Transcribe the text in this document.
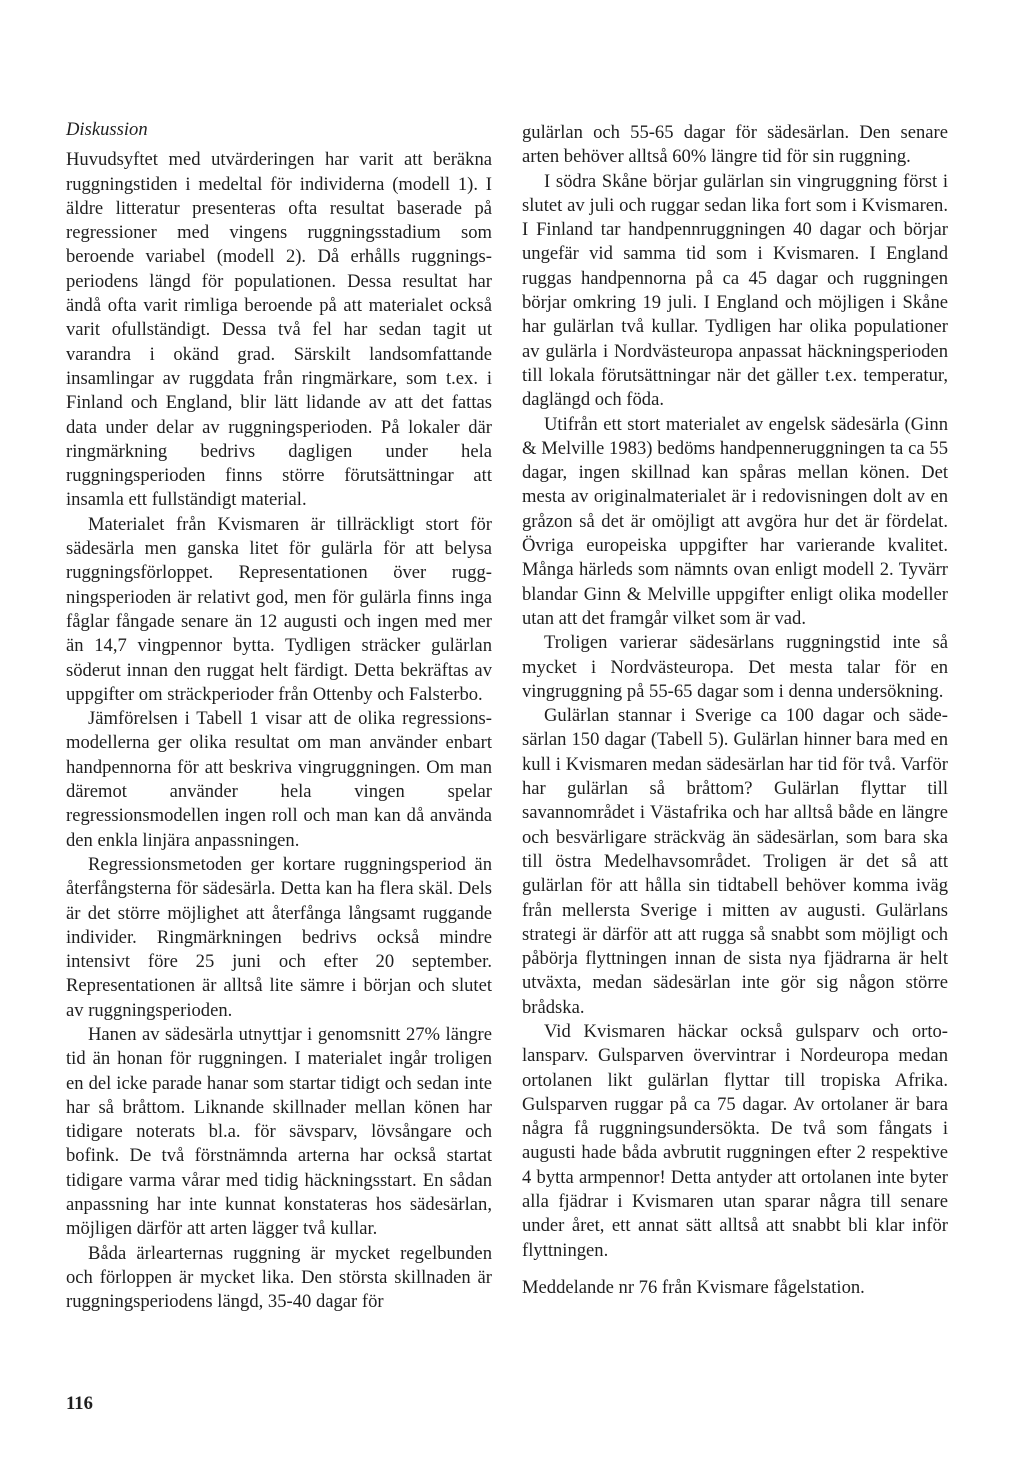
Diskussion

Huvudsyftet med utvärderingen har varit att beräkna ruggningstiden i medeltal för individerna (modell 1). I äldre litteratur presenteras ofta resultat baserade på regressioner med vingens ruggningsstadium som beroende variabel (modell 2). Då erhålls ruggningsperiodens längd för populationen. Dessa resultat har ändå ofta varit rimliga beroende på att materialet också varit ofullständigt. Dessa två fel har sedan tagit ut varandra i okänd grad. Särskilt landsomfattande insamlingar av ruggdata från ringmärkare, som t.ex. i Finland och England, blir lätt lidande av att det fattas data under delar av ruggningsperioden. På lokaler där ringmärkning bedrivs dagligen under hela ruggningsperioden finns större förutsättningar att insamla ett fullständigt material.

Materialet från Kvismaren är tillräckligt stort för sädesärla men ganska litet för gulärla för att belysa ruggningsförloppet. Representationen över ruggningsperioden är relativt god, men för gulärla finns inga fåglar fångade senare än 12 augusti och ingen med mer än 14,7 vingpennor bytta. Tydligen sträcker gulärlan söderut innan den ruggat helt färdigt. Detta bekräftas av uppgifter om sträckperioder från Ottenby och Falsterbo.

Jämförelsen i Tabell 1 visar att de olika regressionsmodellerna ger olika resultat om man använder enbart handpennorna för att beskriva vingruggningen. Om man däremot använder hela vingen spelar regressionsmodellen ingen roll och man kan då använda den enkla linjära anpassningen.

Regressionsmetoden ger kortare ruggningsperiod än återfångsterna för sädesärla. Detta kan ha flera skäl. Dels är det större möjlighet att återfånga långsamt ruggande individer. Ringmärkningen bedrivs också mindre intensivt före 25 juni och efter 20 september. Representationen är alltså lite sämre i början och slutet av ruggningsperioden.

Hanen av sädesärla utnyttjar i genomsnitt 27% längre tid än honan för ruggningen. I materialet ingår troligen en del icke parade hanar som startar tidigt och sedan inte har så bråttom. Liknande skillnader mellan könen har tidigare noterats bl.a. för sävsparv, lövsångare och bofink. De två förstnämnda arterna har också startat tidigare varma vårar med tidig häckningsstart. En sådan anpassning har inte kunnat konstateras hos sädesärlan, möjligen därför att arten lägger två kullar.

Båda ärlearternas ruggning är mycket regelbunden och förloppen är mycket lika. Den största skillnaden är ruggningsperiodens längd, 35-40 dagar för

gulärlan och 55-65 dagar för sädesärlan. Den senare arten behöver alltså 60% längre tid för sin ruggning.

I södra Skåne börjar gulärlan sin vingruggning först i slutet av juli och ruggar sedan lika fort som i Kvismaren. I Finland tar handpennruggningen 40 dagar och börjar ungefär vid samma tid som i Kvismaren. I England ruggas handpennorna på ca 45 dagar och ruggningen börjar omkring 19 juli. I England och möjligen i Skåne har gulärlan två kullar. Tydligen har olika populationer av gulärla i Nordvästeuropa anpassat häckningsperioden till lokala förutsättningar när det gäller t.ex. temperatur, daglängd och föda.

Utifrån ett stort materialet av engelsk sädesärla (Ginn & Melville 1983) bedöms handpenneruggningen ta ca 55 dagar, ingen skillnad kan spåras mellan könen. Det mesta av originalmaterialet är i redovisningen dolt av en gråzon så det är omöjligt att avgöra hur det är fördelat. Övriga europeiska uppgifter har varierande kvalitet. Många härleds som nämnts ovan enligt modell 2. Tyvärr blandar Ginn & Melville uppgifter enligt olika modeller utan att det framgår vilket som är vad.

Troligen varierar sädesärlans ruggningstid inte så mycket i Nordvästeuropa. Det mesta talar för en vingruggning på 55-65 dagar som i denna undersökning.

Gulärlan stannar i Sverige ca 100 dagar och sädesärlan 150 dagar (Tabell 5). Gulärlan hinner bara med en kull i Kvismaren medan sädesärlan har tid för två. Varför har gulärlan så bråttom? Gulärlan flyttar till savannområdet i Västafrika och har alltså både en längre och besvärligare sträckväg än sädesärlan, som bara ska till östra Medelhavsområdet. Troligen är det så att gulärlan för att hålla sin tidtabell behöver komma iväg från mellersta Sverige i mitten av augusti. Gulärlans strategi är därför att att rugga så snabbt som möjligt och påbörja flyttningen innan de sista nya fjädrarna är helt utväxta, medan sädesärlan inte gör sig någon större brådska.

Vid Kvismaren häckar också gulsparv och ortolansparv. Gulsparven övervintrar i Nordeuropa medan ortolanen likt gulärlan flyttar till tropiska Afrika. Gulsparven ruggar på ca 75 dagar. Av ortolaner är bara några få ruggningsundersökta. De två som fångats i augusti hade båda avbrutit ruggningen efter 2 respektive 4 bytta armpennor! Detta antyder att ortolanen inte byter alla fjädrar i Kvismaren utan sparar några till senare under året, ett annat sätt alltså att snabbt bli klar inför flyttningen.

Meddelande nr 76 från Kvismare fågelstation.

116
